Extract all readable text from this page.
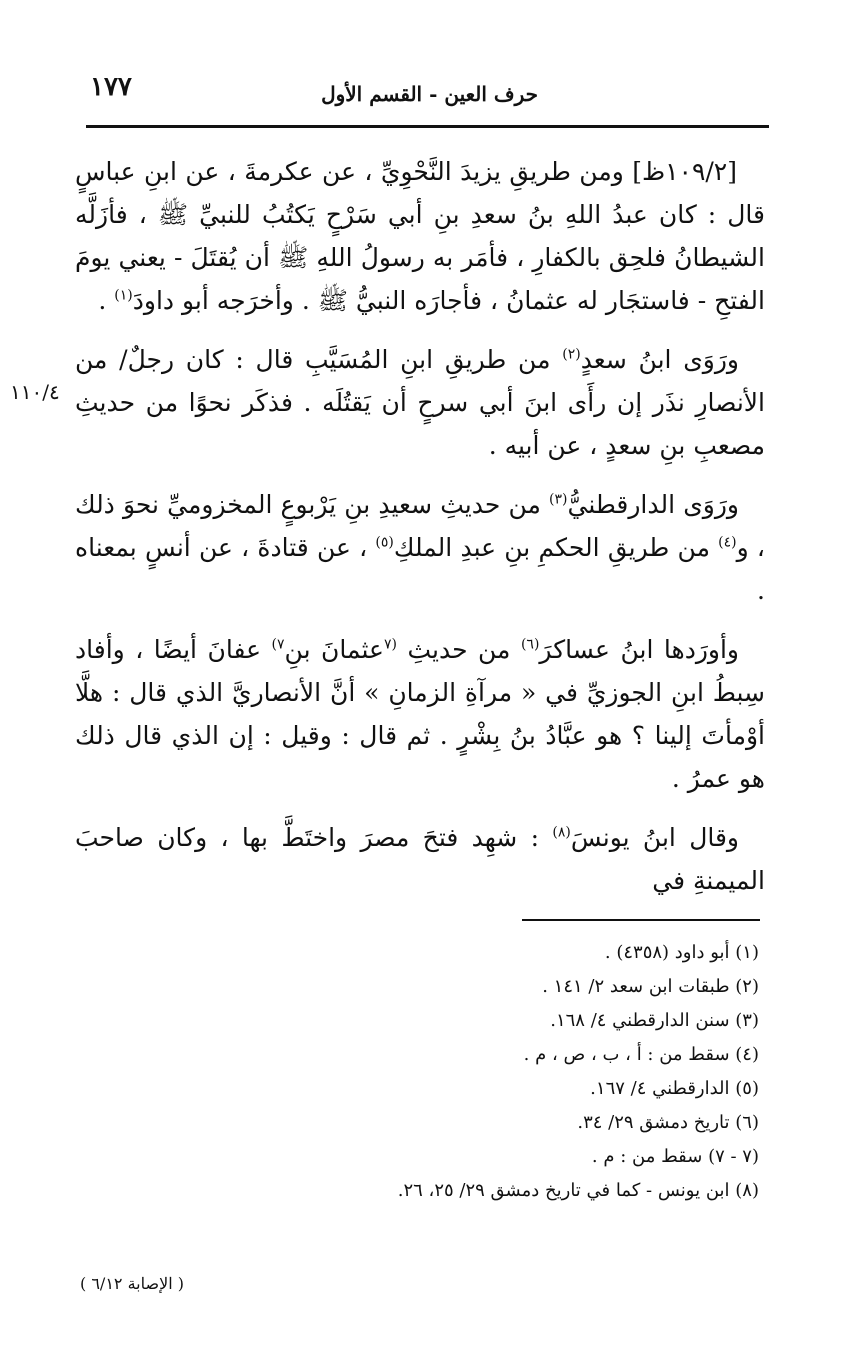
١٧٧	حرف العين - القسم الأول
١١٠/٤

[١٠٩/٢ظ] ومن طريقِ يزيدَ النَّحْوِيِّ ، عن عكرمةَ ، عن ابنِ عباسٍ قال : كان عبدُ اللهِ بنُ سعدِ بنِ أبي سَرْحٍ يَكتُبُ للنبيِّ ﷺ ، فأزَلَّه الشيطانُ فلحِق بالكفارِ ، فأمَر به رسولُ اللهِ ﷺ أن يُقتَلَ - يعني يومَ الفتحِ - فاستجَار له عثمانُ ، فأجارَه النبيُّ ﷺ . وأخرَجه أبو داودَ$^{(١)}$ .

ورَوَى ابنُ سعدٍ$^{(٢)}$ من طريقِ ابنِ المُسَيَّبِ قال : كان رجلٌ/ من الأنصارِ نذَر إن رأَى ابنَ أبي سرحٍ أن يَقتُلَه . فذكَر نحوًا من حديثِ مصعبِ بنِ سعدٍ ، عن أبيه .

ورَوَى الدارقطنيُّ$^{(٣)}$ من حديثِ سعيدِ بنِ يَرْبوعٍ المخزوميِّ نحوَ ذلك ، و$^{(٤)}$ من طريقِ الحكمِ بنِ عبدِ الملكِ$^{(٥)}$ ، عن قتادةَ ، عن أنسٍ بمعناه .

وأورَدها ابنُ عساكرَ$^{(٦)}$ من حديثِ $^{(٧}$عثمانَ بنِ$^{٧)}$ عفانَ أيضًا ، وأفاد سِبطُ ابنِ الجوزيِّ في « مرآةِ الزمانِ » أنَّ الأنصاريَّ الذي قال : هلَّا أوْمأتَ إلينا ؟ هو عبَّادُ بنُ بِشْرٍ . ثم قال : وقيل : إن الذي قال ذلك هو عمرُ .

وقال ابنُ يونسَ$^{(٨)}$ : شهِد فتحَ مصرَ واختَطَّ بها ، وكان صاحبَ الميمنةِ في

(١) أبو داود (٤٣٥٨) .
(٢) طبقات ابن سعد ٢/ ١٤١ .
(٣) سنن الدارقطني ٤/ ١٦٨.
(٤) سقط من : أ ، ب ، ص ، م .
(٥) الدارقطني ٤/ ١٦٧.
(٦) تاريخ دمشق ٢٩/ ٣٤.
(٧ - ٧) سقط من : م .
(٨) ابن يونس - كما في تاريخ دمشق ٢٩/ ٢٥، ٢٦.
( الإصابة ٦/١٢ )
